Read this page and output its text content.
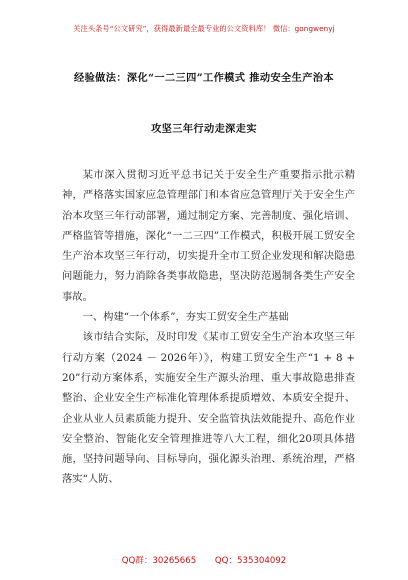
关注头条号“公文研究”，获得最新最全最专业的公文资料库！ 微信：gongwenyj
经验做法：深化“一二三四”工作模式 推动安全生产治本
攻坚三年行动走深走实

某市深入贯彻习近平总书记关于安全生产重要指示批示精神，严格落实国家应急管理部门和本省应急管理厅关于安全生产治本攻坚三年行动部署，通过制定方案、完善制度、强化培训、严格监管等措施，深化“一二三四”工作模式，积极开展工贸安全生产治本攻坚三年行动，切实提升全市工贸企业发现和解决隐患问题能力，努力消除各类事故隐患，坚决防范遏制各类生产安全事故。

一、构建“一个体系”，夯实工贸安全生产基础

该市结合实际，及时印发《某市工贸安全生产治本攻坚三年行动方案（2024 － 2026年）》，构建工贸安全生产“1 + 8 + 20”行动方案体系，实施安全生产源头治理、重大事故隐患排查整治、企业安全生产标准化管理体系提质增效、本质安全提升、企业从业人员素质能力提升、安全监管执法效能提升、高危作业安全整治、智能化安全管理推进等八大工程，细化20项具体措施，坚持问题导向、目标导向，强化源头治理、系统治理，严格落实“人防、

QQ群：30265665 QQ：535304092
